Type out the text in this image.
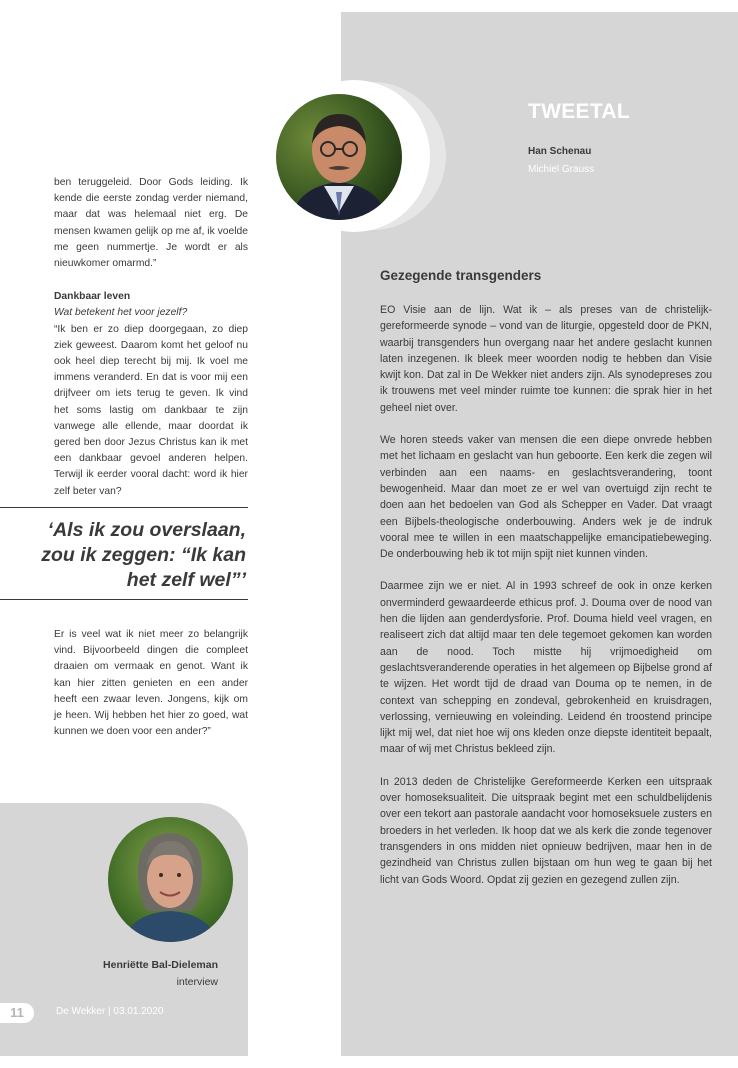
TWEETAL
Han Schenau
Michiel Grauss
Gezegende transgenders

EO Visie aan de lijn. Wat ik – als preses van de christelijk-gereformeerde synode – vond van de liturgie, opgesteld door de PKN, waarbij transgenders hun overgang naar het andere geslacht kunnen laten inzegenen. Ik bleek meer woorden nodig te hebben dan Visie kwijt kon. Dat zal in De Wekker niet anders zijn. Als synodepreses zou ik trouwens met veel minder ruimte toe kunnen: die sprak hier in het geheel niet over.

We horen steeds vaker van mensen die een diepe onvrede hebben met het lichaam en geslacht van hun geboorte. Een kerk die zegen wil verbinden aan een naams- en geslachtsverandering, toont bewogenheid. Maar dan moet ze er wel van overtuigd zijn recht te doen aan het bedoelen van God als Schepper en Vader. Dat vraagt een Bijbels-theologische onderbouwing. Anders wek je de indruk vooral mee te willen in een maatschappelijke emancipatiebeweging. De onderbouwing heb ik tot mijn spijt niet kunnen vinden.

Daarmee zijn we er niet. Al in 1993 schreef de ook in onze kerken onverminderd gewaardeerde ethicus prof. J. Douma over de nood van hen die lijden aan genderdysforie. Prof. Douma hield veel vragen, en realiseert zich dat altijd maar ten dele tegemoet gekomen kan worden aan de nood. Toch mistte hij vrijmoedigheid om geslachtsveranderende operaties in het algemeen op Bijbelse grond af te wijzen. Het wordt tijd de draad van Douma op te nemen, in de context van schepping en zondeval, gebrokenheid en kruisdragen, verlossing, vernieuwing en voleinding. Leidend én troostend principe lijkt mij wel, dat niet hoe wij ons kleden onze diepste identiteit bepaalt, maar of wij met Christus bekleed zijn.

In 2013 deden de Christelijke Gereformeerde Kerken een uitspraak over homoseksualiteit. Die uitspraak begint met een schuldbelijdenis over een tekort aan pastorale aandacht voor homoseksuele zusters en broeders in het verleden. Ik hoop dat we als kerk die zonde tegenover transgenders in ons midden niet opnieuw bedrijven, maar hen in de gezindheid van Christus zullen bijstaan om hun weg te gaan bij het licht van Gods Woord. Opdat zij gezien en gezegend zullen zijn.

ben teruggeleid. Door Gods leiding. Ik kende die eerste zondag verder niemand, maar dat was helemaal niet erg. De mensen kwamen gelijk op me af, ik voelde me geen nummertje. Je wordt er als nieuwkomer omarmd.”

Dankbaar leven

Wat betekent het voor jezelf?

“Ik ben er zo diep doorgegaan, zo diep ziek geweest. Daarom komt het geloof nu ook heel diep terecht bij mij. Ik voel me immens veranderd. En dat is voor mij een drijfveer om iets terug te geven. Ik vind het soms lastig om dankbaar te zijn vanwege alle ellende, maar doordat ik gered ben door Jezus Christus kan ik met een dankbaar gevoel anderen helpen. Terwijl ik eerder vooral dacht: word ik hier zelf beter van?

‘Als ik zou overslaan, zou ik zeggen: “Ik kan het zelf wel”’

Er is veel wat ik niet meer zo belangrijk vind. Bijvoorbeeld dingen die compleet draaien om vermaak en genot. Want ik kan hier zitten genieten en een ander heeft een zwaar leven. Jongens, kijk om je heen. Wij hebben het hier zo goed, wat kunnen we doen voor een ander?”

Henriëtte Bal-Dieleman
interview
11	De Wekker | 03.01.2020
